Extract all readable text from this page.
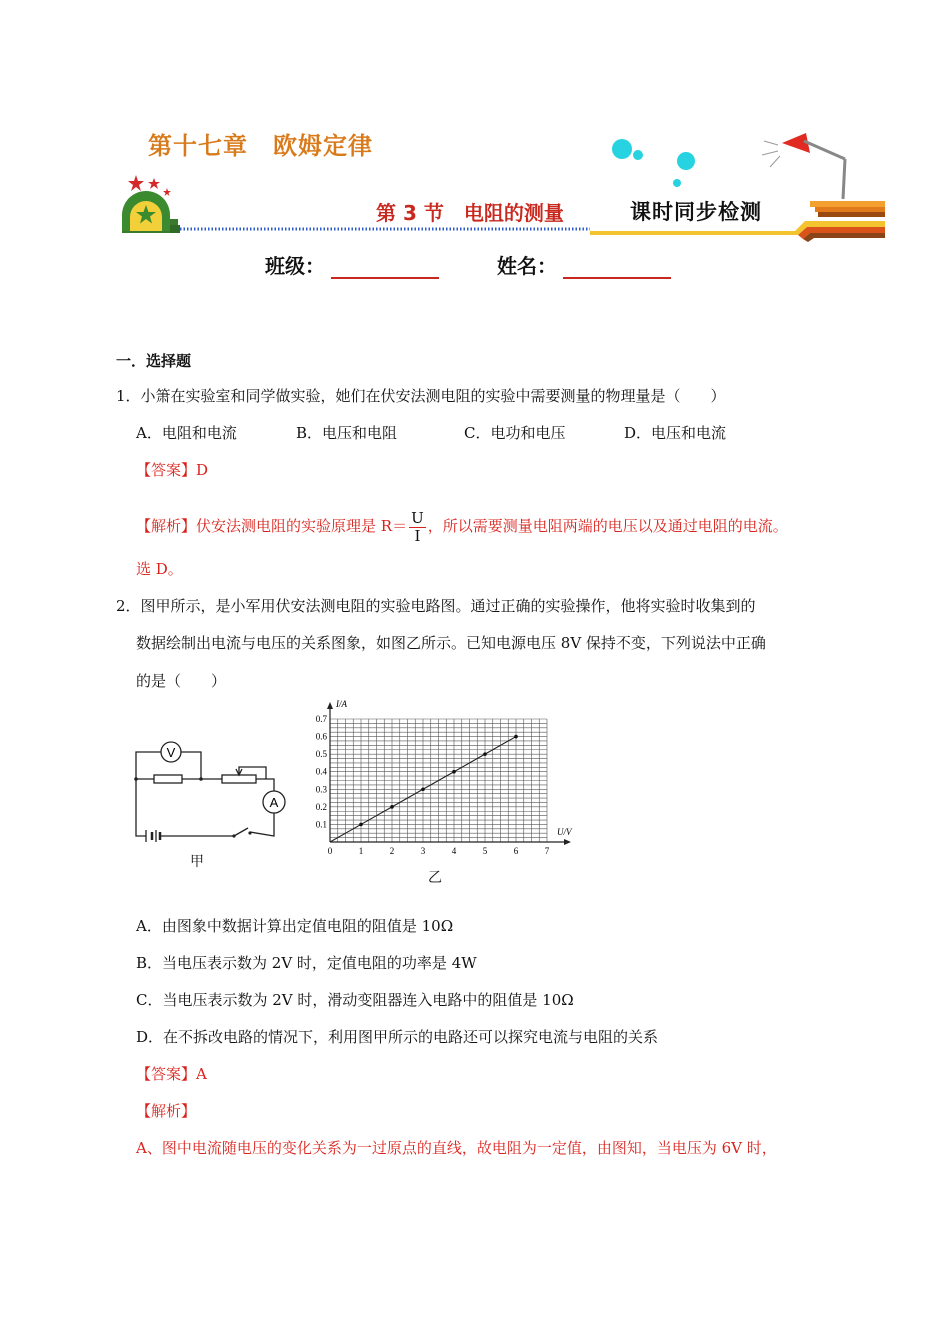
第十七章　欧姆定律
第 3 节　电阻的测量	课时同步检测
班级：	姓名：
一．选择题
1．小箫在实验室和同学做实验，她们在伏安法测电阻的实验中需要测量的物理量是（　　）
A．电阻和电流	B．电压和电阻	C．电功和电压	D．电压和电流
【答案】D
【解析】伏安法测电阻的实验原理是 $R= \frac{U}{I}$ ，所以需要测量电阻两端的电压以及通过电阻的电流。
选 D。
2．图甲所示，是小军用伏安法测电阻的实验电路图。通过正确的实验操作，他将实验时收集到的
数据绘制出电流与电压的关系图象，如图乙所示。已知电源电压 8V 保持不变，下列说法中正确
的是（　　）
V
A
甲
U/V
I/A
0	1	2	3	4	5	6	7
0.1
0.2
0.3
0.4
0.5
0.6
0.7
乙
A．由图象中数据计算出定值电阻的阻值是 10Ω
B．当电压表示数为 2V 时，定值电阻的功率是 4W
C．当电压表示数为 2V 时，滑动变阻器连入电路中的阻值是 10Ω
D．在不拆改电路的情况下，利用图甲所示的电路还可以探究电流与电阻的关系
【答案】A
【解析】
A、图中电流随电压的变化关系为一过原点的直线，故电阻为一定值，由图知，当电压为 6V 时，
